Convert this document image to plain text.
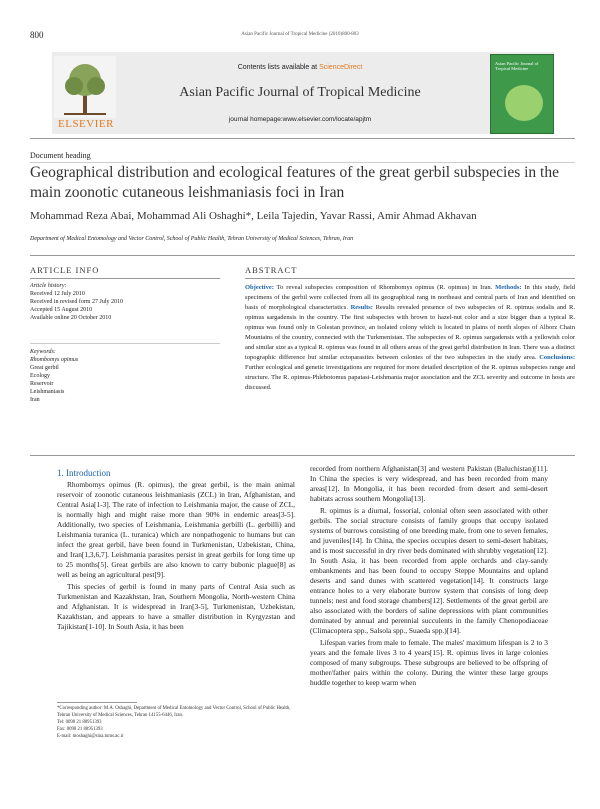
800	Asian Pacific Journal of Tropical Medicine (2010)800-803
ELSEVIER
Contents lists available at ScienceDirect
Asian Pacific Journal of Tropical Medicine
journal homepage:www.elsevier.com/locate/apjtm
Asian Pacific Journal of Tropical Medicine
Document heading
Geographical distribution and ecological features of the great gerbil subspecies in the main zoonotic cutaneous leishmaniasis foci in Iran
Mohammad Reza Abai, Mohammad Ali Oshaghi*, Leila Tajedin, Yavar Rassi, Amir Ahmad Akhavan
Department of Medical Entomology and Vector Control, School of Public Health, Tehran University of Medical Sciences, Tehran, Iran
ARTICLE INFO
Article history:
Received 12 July 2010
Received in revised form 27 July 2010
Accepted 15 August 2010
Available online 20 October 2010
Keywords:
Rhombomys opimus
Great gerbil
Ecology
Reservoir
Leishmaniasis
Iran
ABSTRACT
Objective: To reveal subspecies composition of Rhombomys opimus (R. opimus) in Iran. Methods: In this study, field specimens of the gerbil were collected from all its geographical rang in northeast and central parts of Iran and identified on basis of morphological characteristics. Results: Results revealed presence of two subspecies of R. opimus sodalis and R. opimus sargadensis in the country. The first subspecies with brown to hazel-nut color and a size bigger than a typical R. opimus was found only in Golestan province, an isolated colony which is located in plains of north slopes of Alborz Chain Mountains of the country, connected with the Turkmenistan. The subspecies of R. opimus sargadensis with a yellowish color and similar size as a typical R. opimus was found in all others areas of the great gerbil distribution in Iran. There was a distinct topographic difference but similar ectoparasites between colonies of the two subspecies in the study area. Conclusions: Further ecological and genetic investigations are required for more detailed description of the R. opimus subspecies range and structure. The R. opimus-Phlebotomus papatasi-Leishmania major association and the ZCL severity and outcome in hosts are discussed.
1. Introduction

Rhombomys opimus (R. opimus), the great gerbil, is the main animal reservoir of zoonotic cutaneous leishmaniasis (ZCL) in Iran, Afghanistan, and Central Asia[1-3]. The rate of infection to Leishmania major, the cause of ZCL, is normally high and might raise more than 90% in endemic areas[3-5]. Additionally, two species of Leishmania, Leishmania gerbilli (L. gerbilli) and Leishmania turanica (L. turanica) which are nonpathogenic to humans but can infect the great gerbil, have been found in Turkmenistan, Uzbekistan, China, and Iran[1,3,6,7]. Leishmania parasites persist in great gerbils for long time up to 25 months[5]. Great gerbils are also known to carry bubonic plague[8] as well as being an agricultural pest[9].

This species of gerbil is found in many parts of Central Asia such as Turkmenistan and Kazakhstan, Iran, Southern Mongolia, North-western China and Afghanistan. It is widespread in Iran[3-5], Turkmenistan, Uzbekistan, Kazakhstan, and appears to have a smaller distribution in Kyrgyzstan and Tajikistan[1-10]. In South Asia, it has been

*Corresponding author: M.A. Oshaghi, Department of Medical Entomology and Vector Control, School of Public Health, Tehran University of Medical Sciences, Tehran 14155-6446, Iran.
Tel: 0098 21 88951393
Fax: 0098 21 88951393
E-mail: moshaghi@sina.tums.ac.ir

recorded from northern Afghanistan[3] and western Pakistan (Baluchistan)[11]. In China the species is very widespread, and has been recorded from many areas[12]. In Mongolia, it has been recorded from desert and semi-desert habitats across southern Mongolia[13].

R. opimus is a diurnal, fossorial, colonial often seen associated with other gerbils. The social structure consists of family groups that occupy isolated systems of burrows consisting of one breeding male, from one to seven females, and juveniles[14]. In China, the species occupies desert to semi-desert habitats, and is most successful in dry river beds dominated with shrubby vegetation[12]. In South Asia, it has been recorded from apple orchards and clay-sandy embankments and has been found to occupy Steppe Mountains and upland deserts and sand dunes with scattered vegetation[14]. It constructs large entrance holes to a very elaborate burrow system that consists of long deep tunnels; nest and food storage chambers[12]. Settlements of the great gerbil are also associated with the borders of saline depressions with plant communities dominated by annual and perennial succulents in the family Chenopodiaceae (Climacoptera spp., Salsola spp., Suaeda spp.)[14].

Lifespan varies from male to female. The males' maximum lifespan is 2 to 3 years and the female lives 3 to 4 years[15]. R. opimus lives in large colonies composed of many subgroups. These subgroups are believed to be offspring of mother/father pairs within the colony. During the winter these large groups huddle together to keep warm when
